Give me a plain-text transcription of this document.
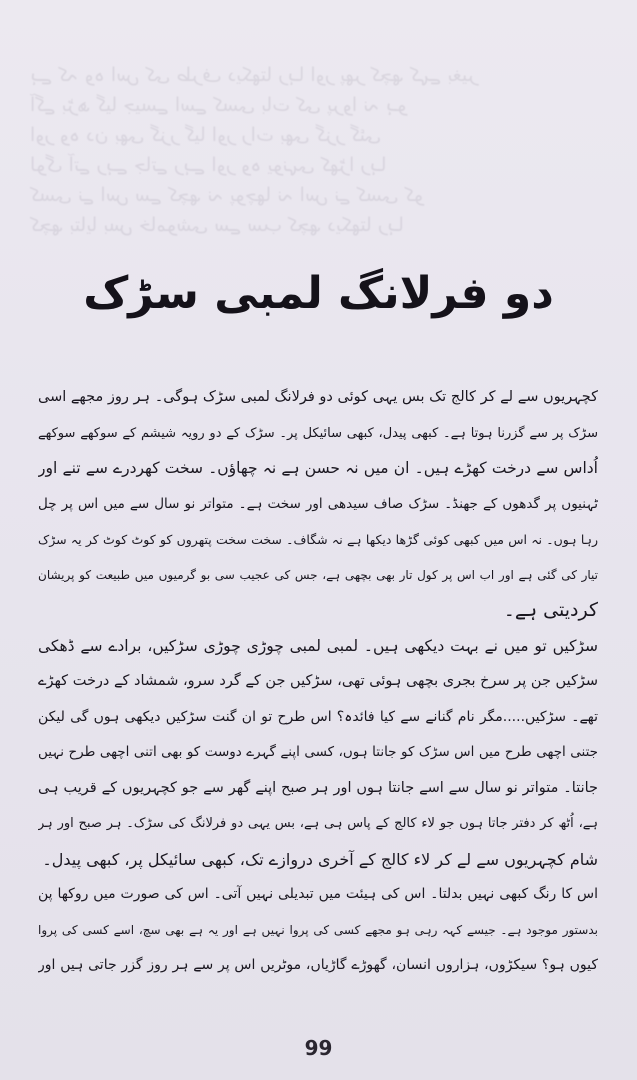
ہے کہ وہ اس کی طرف دیکھتا رہا اور پھر کچھ کہے بغیر
آگے بڑھ گیا جیسے اسے کسی بات کی پروا نہ ہو
اور وہ دن بھی گزر گیا اور رات بھی گزر گئی
لوگ آتے رہے جاتے رہے اور وہ یونہی کھڑا رہا
کسی نے اس سے کچھ نہ پوچھا نہ اس نے کسی کو
کچھ بتایا بس خاموشی سے سب کچھ دیکھتا رہا
دو فرلانگ لمبی سڑک
کچہریوں سے لے کر کالج تک بس یہی کوئی دو فرلانگ لمبی سڑک ہوگی۔ ہر روز مجھے اسی
سڑک پر سے گزرنا ہوتا ہے۔ کبھی پیدل، کبھی سائیکل پر۔ سڑک کے دو رویہ شیشم کے سوکھے سوکھے
اُداس سے درخت کھڑے ہیں۔ ان میں نہ حسن ہے نہ چھاؤں۔ سخت کھردرے سے تنے اور
ٹہنیوں پر گدھوں کے جھنڈ۔ سڑک صاف سیدھی اور سخت ہے۔ متواتر نو سال سے میں اس پر چل
رہا ہوں۔ نہ اس میں کبھی کوئی گڑھا دیکھا ہے نہ شگاف۔ سخت سخت پتھروں کو کوٹ کوٹ کر یہ سڑک
تیار کی گئی ہے اور اب اس پر کول تار بھی بچھی ہے، جس کی عجیب سی بو گرمیوں میں طبیعت کو پریشان
کردیتی ہے۔
سڑکیں تو میں نے بہت دیکھی ہیں۔ لمبی لمبی چوڑی چوڑی سڑکیں، برادے سے ڈھکی
سڑکیں جن پر سرخ بجری بچھی ہوئی تھی، سڑکیں جن کے گرد سرو، شمشاد کے درخت کھڑے
تھے۔ سڑکیں.....مگر نام گنانے سے کیا فائدہ؟ اس طرح تو ان گنت سڑکیں دیکھی ہوں گی لیکن
جتنی اچھی طرح میں اس سڑک کو جانتا ہوں، کسی اپنے گہرے دوست کو بھی اتنی اچھی طرح نہیں
جانتا۔ متواتر نو سال سے اسے جانتا ہوں اور ہر صبح اپنے گھر سے جو کچہریوں کے قریب ہی
ہے، اُٹھ کر دفتر جاتا ہوں جو لاء کالج کے پاس ہی ہے، بس یہی دو فرلانگ کی سڑک۔ ہر صبح اور ہر
شام کچہریوں سے لے کر لاء کالج کے آخری دروازے تک، کبھی سائیکل پر، کبھی پیدل۔
اس کا رنگ کبھی نہیں بدلتا۔ اس کی ہیئت میں تبدیلی نہیں آتی۔ اس کی صورت میں روکھا پن
بدستور موجود ہے۔ جیسے کہہ رہی ہو مجھے کسی کی پروا نہیں ہے اور یہ ہے بھی سچ، اسے کسی کی پروا
کیوں ہو؟ سیکڑوں، ہزاروں انسان، گھوڑے گاڑیاں، موٹریں اس پر سے ہر روز گزر جاتی ہیں اور
99
